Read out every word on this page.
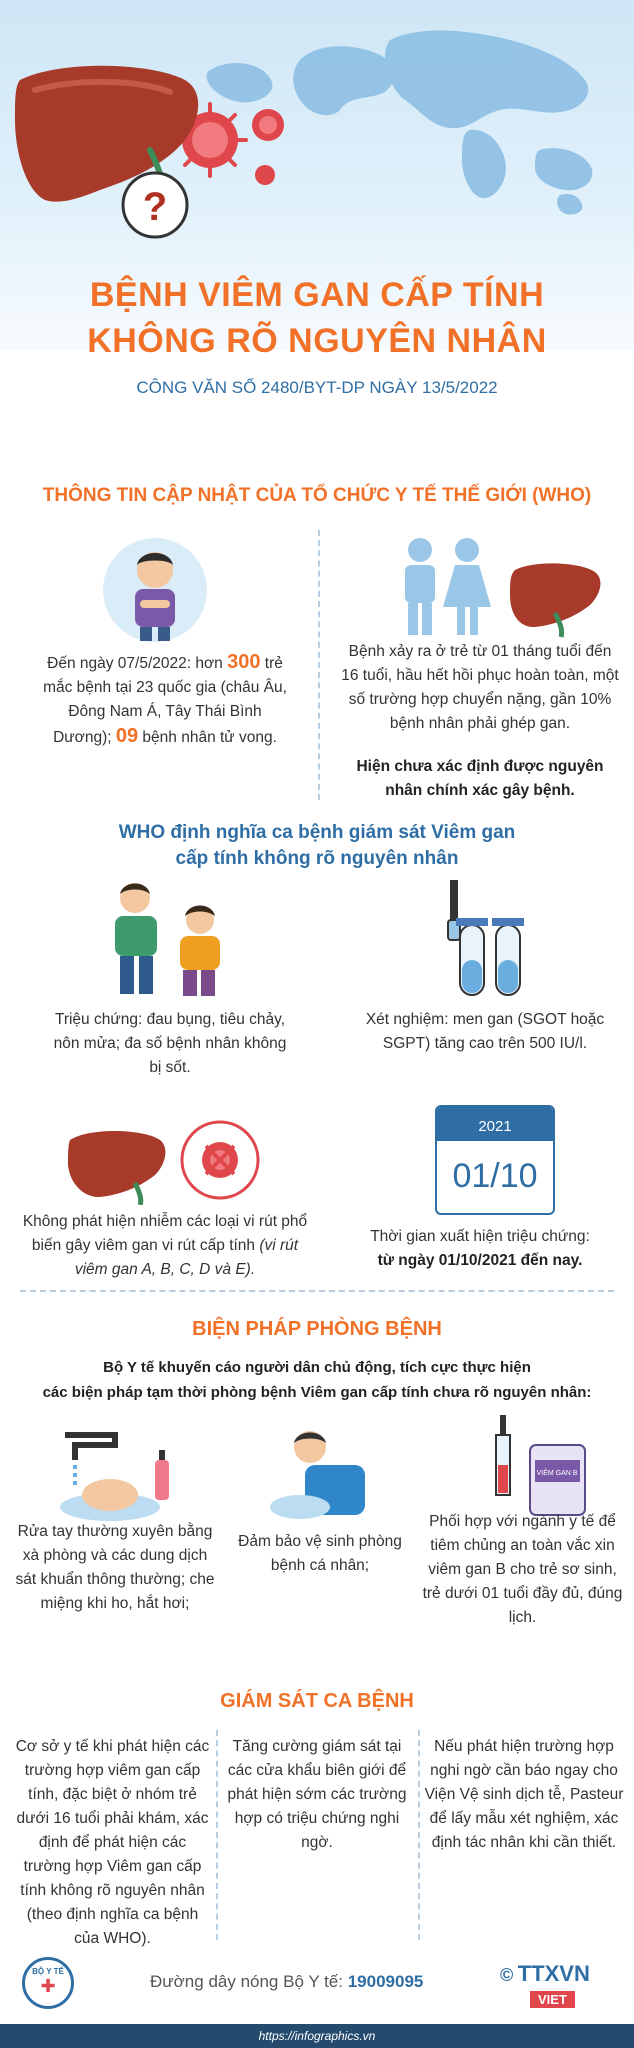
?
BỆNH VIÊM GAN CẤP TÍNH
KHÔNG RÕ NGUYÊN NHÂN
CÔNG VĂN SỐ 2480/BYT-DP NGÀY 13/5/2022
THÔNG TIN CẬP NHẬT CỦA TỔ CHỨC Y TẾ THẾ GIỚI (WHO)
Đến ngày 07/5/2022: hơn 300 trẻ mắc bệnh tại 23 quốc gia (châu Âu, Đông Nam Á, Tây Thái Bình Dương); 09 bệnh nhân tử vong.
Bệnh xảy ra ở trẻ từ 01 tháng tuổi đến 16 tuổi, hầu hết hồi phục hoàn toàn, một số trường hợp chuyển nặng, gần 10% bệnh nhân phải ghép gan.
Hiện chưa xác định được nguyên nhân chính xác gây bệnh.
WHO định nghĩa ca bệnh giám sát Viêm gan
cấp tính không rõ nguyên nhân
Triệu chứng: đau bụng, tiêu chảy, nôn mửa; đa số bệnh nhân không bị sốt.
Xét nghiệm: men gan (SGOT hoặc SGPT) tăng cao trên 500 IU/l.
Không phát hiện nhiễm các loại vi rút phổ biến gây viêm gan vi rút cấp tính (vi rút viêm gan A, B, C, D và E).
2021
01/10
Thời gian xuất hiện triệu chứng:
từ ngày 01/10/2021 đến nay.
BIỆN PHÁP PHÒNG BỆNH
Bộ Y tế khuyến cáo người dân chủ động, tích cực thực hiện
các biện pháp tạm thời phòng bệnh Viêm gan cấp tính chưa rõ nguyên nhân:
Rửa tay thường xuyên bằng xà phòng và các dung dịch sát khuẩn thông thường; che miệng khi ho, hắt hơi;
Đảm bảo vệ sinh phòng bệnh cá nhân;
VIÊM GAN B
Phối hợp với ngành y tế để tiêm chủng an toàn vắc xin viêm gan B cho trẻ sơ sinh, trẻ dưới 01 tuổi đầy đủ, đúng lịch.
GIÁM SÁT CA BỆNH
Cơ sở y tế khi phát hiện các trường hợp viêm gan cấp tính, đặc biệt ở nhóm trẻ dưới 16 tuổi phải khám, xác định để phát hiện các trường hợp Viêm gan cấp tính không rõ nguyên nhân (theo định nghĩa ca bệnh của WHO).
Tăng cường giám sát tại các cửa khẩu biên giới để phát hiện sớm các trường hợp có triệu chứng nghi ngờ.
Nếu phát hiện trường hợp nghi ngờ cần báo ngay cho Viện Vệ sinh dịch tễ, Pasteur để lấy mẫu xét nghiệm, xác định tác nhân khi cần thiết.
BỘ Y TẾ
✚	Đường dây nóng Bộ Y tế: 19009095	© TTXVN
VIET
https://infographics.vn
